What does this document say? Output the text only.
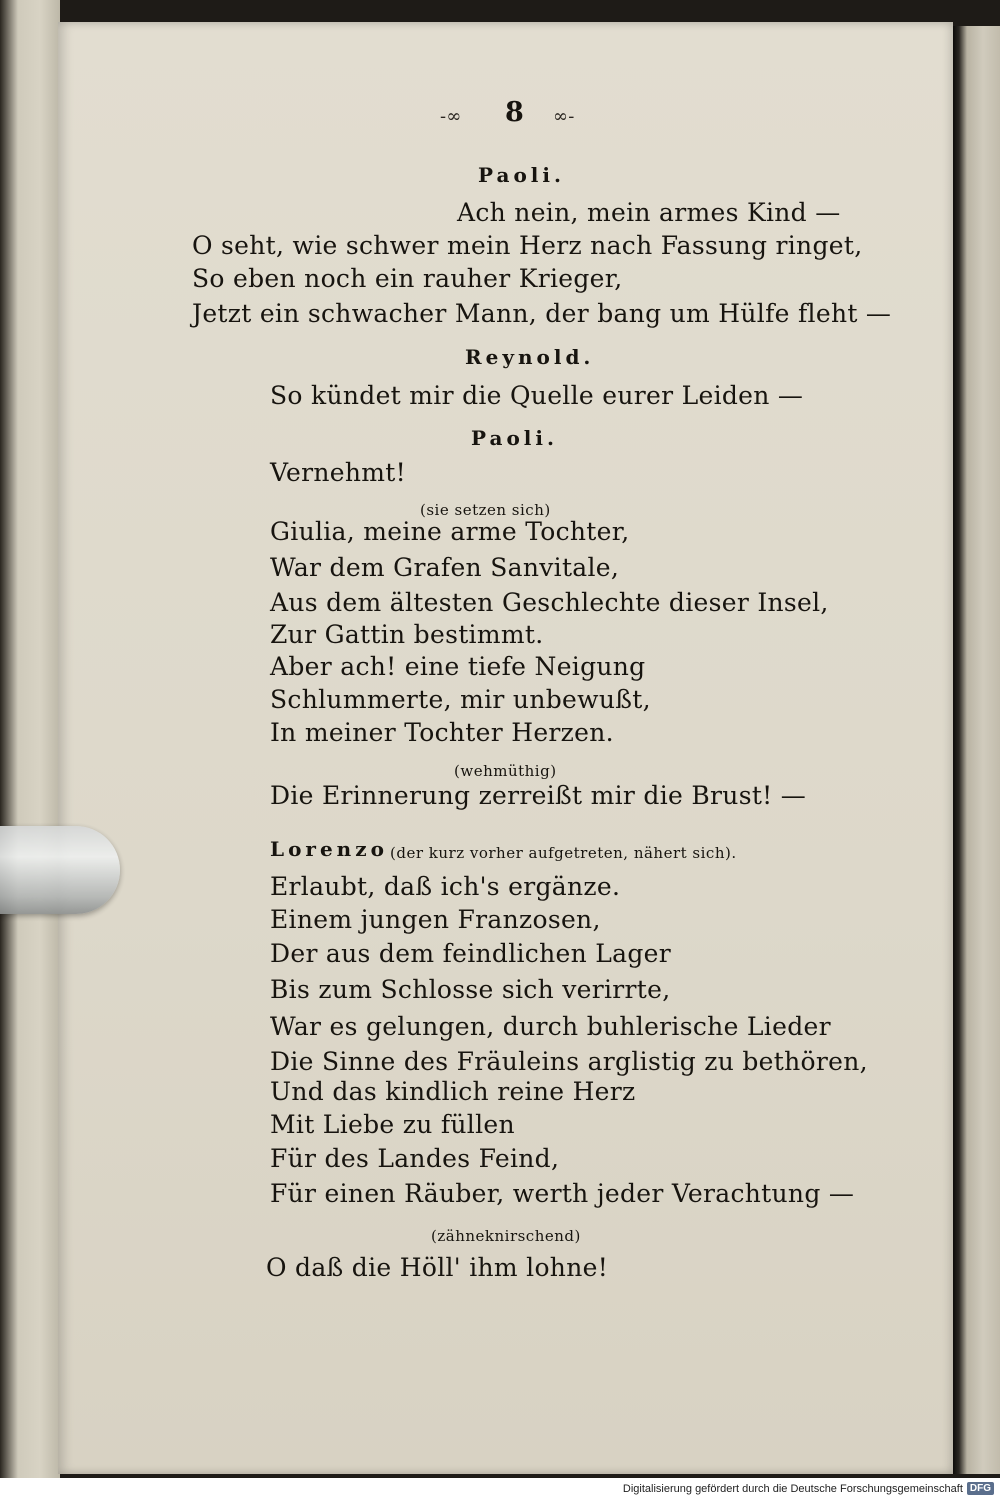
-∞ 8 ∞-
Paoli.
Ach nein, mein armes Kind —
O seht, wie schwer mein Herz nach Fassung ringet,
So eben noch ein rauher Krieger,
Jetzt ein schwacher Mann, der bang um Hülfe fleht —
Reynold.
So kündet mir die Quelle eurer Leiden —
Paoli.
Vernehmt!
(sie setzen sich)
Giulia, meine arme Tochter,
War dem Grafen Sanvitale,
Aus dem ältesten Geschlechte dieser Insel,
Zur Gattin bestimmt.
Aber ach! eine tiefe Neigung
Schlummerte, mir unbewußt,
In meiner Tochter Herzen.
(wehmüthig)
Die Erinnerung zerreißt mir die Brust! —
Lorenzo (der kurz vorher aufgetreten, nähert sich).
Erlaubt, daß ich's ergänze.
Einem jungen Franzosen,
Der aus dem feindlichen Lager
Bis zum Schlosse sich verirrte,
War es gelungen, durch buhlerische Lieder
Die Sinne des Fräuleins arglistig zu bethören,
Und das kindlich reine Herz
Mit Liebe zu füllen
Für des Landes Feind,
Für einen Räuber, werth jeder Verachtung —
(zähneknirschend)
O daß die Höll' ihm lohne!
Digitalisierung gefördert durch die Deutsche Forschungsgemeinschaft DFG
